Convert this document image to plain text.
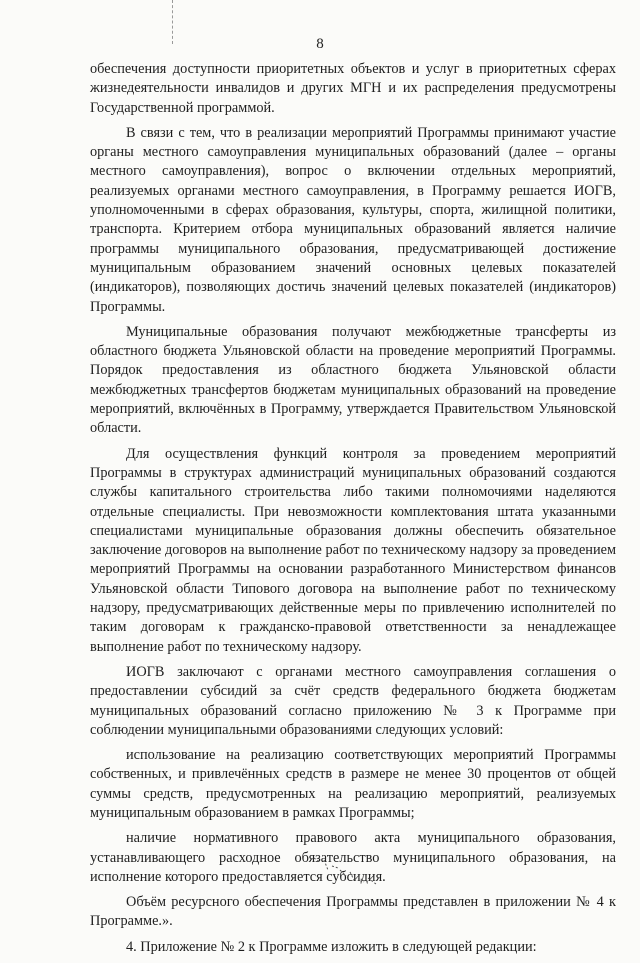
8

обеспечения доступности приоритетных объектов и услуг в приоритетных сферах жизнедеятельности инвалидов и других МГН и их распределения предусмотрены Государственной программой.

В связи с тем, что в реализации мероприятий Программы принимают участие органы местного самоуправления муниципальных образований (далее – органы местного самоуправления), вопрос о включении отдельных мероприятий, реализуемых органами местного самоуправления, в Программу решается ИОГВ, уполномоченными в сферах образования, культуры, спорта, жилищной политики, транспорта. Критерием отбора муниципальных образований является наличие программы муниципального образования, предусматривающей достижение муниципальным образованием значений основных целевых показателей (индикаторов), позволяющих достичь значений целевых показателей (индикаторов) Программы.

Муниципальные образования получают межбюджетные трансферты из областного бюджета Ульяновской области на проведение мероприятий Программы. Порядок предоставления из областного бюджета Ульяновской области межбюджетных трансфертов бюджетам муниципальных образований на проведение мероприятий, включённых в Программу, утверждается Правительством Ульяновской области.

Для осуществления функций контроля за проведением мероприятий Программы в структурах администраций муниципальных образований создаются службы капитального строительства либо такими полномочиями наделяются отдельные специалисты. При невозможности комплектования штата указанными специалистами муниципальные образования должны обеспечить обязательное заключение договоров на выполнение работ по техническому надзору за проведением мероприятий Программы на основании разработанного Министерством финансов Ульяновской области Типового договора на выполнение работ по техническому надзору, предусматривающих действенные меры по привлечению исполнителей по таким договорам к гражданско-правовой ответственности за ненадлежащее выполнение работ по техническому надзору.

ИОГВ заключают с органами местного самоуправления соглашения о предоставлении субсидий за счёт средств федерального бюджета бюджетам муниципальных образований согласно приложению № 3 к Программе при соблюдении муниципальными образованиями следующих условий:

использование на реализацию соответствующих мероприятий Программы собственных, и привлечённых средств в размере не менее 30 процентов от общей суммы средств, предусмотренных на реализацию мероприятий, реализуемых муниципальным образованием в рамках Программы;

наличие нормативного правового акта муниципального образования, устанавливающего расходное обязательство муниципального образования, на исполнение которого предоставляется субсидия.

Объём ресурсного обеспечения Программы представлен в приложении № 4 к Программе.».

4. Приложение № 2 к Программе изложить в следующей редакции:
